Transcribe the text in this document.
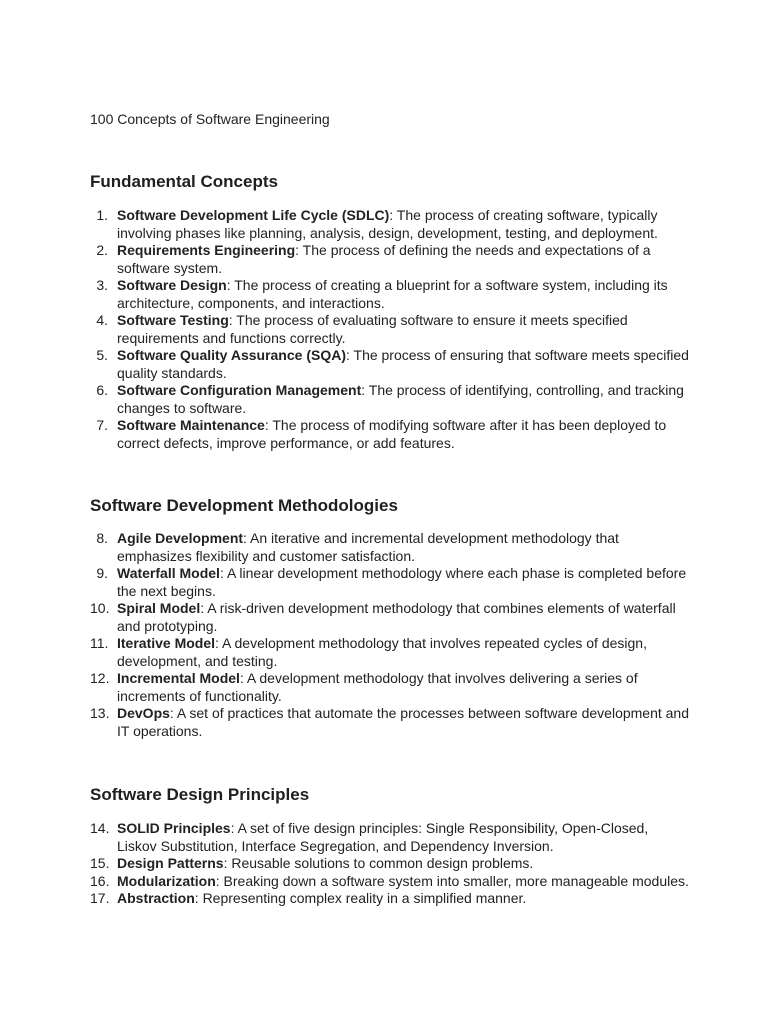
100 Concepts of Software Engineering

Fundamental Concepts
1. Software Development Life Cycle (SDLC): The process of creating software, typically involving phases like planning, analysis, design, development, testing, and deployment.
2. Requirements Engineering: The process of defining the needs and expectations of a software system.
3. Software Design: The process of creating a blueprint for a software system, including its architecture, components, and interactions.
4. Software Testing: The process of evaluating software to ensure it meets specified requirements and functions correctly.
5. Software Quality Assurance (SQA): The process of ensuring that software meets specified quality standards.
6. Software Configuration Management: The process of identifying, controlling, and tracking changes to software.
7. Software Maintenance: The process of modifying software after it has been deployed to correct defects, improve performance, or add features.
Software Development Methodologies
8. Agile Development: An iterative and incremental development methodology that emphasizes flexibility and customer satisfaction.
9. Waterfall Model: A linear development methodology where each phase is completed before the next begins.
10. Spiral Model: A risk-driven development methodology that combines elements of waterfall and prototyping.
11. Iterative Model: A development methodology that involves repeated cycles of design, development, and testing.
12. Incremental Model: A development methodology that involves delivering a series of increments of functionality.
13. DevOps: A set of practices that automate the processes between software development and IT operations.
Software Design Principles
14. SOLID Principles: A set of five design principles: Single Responsibility, Open-Closed, Liskov Substitution, Interface Segregation, and Dependency Inversion.
15. Design Patterns: Reusable solutions to common design problems.
16. Modularization: Breaking down a software system into smaller, more manageable modules.
17. Abstraction: Representing complex reality in a simplified manner.
